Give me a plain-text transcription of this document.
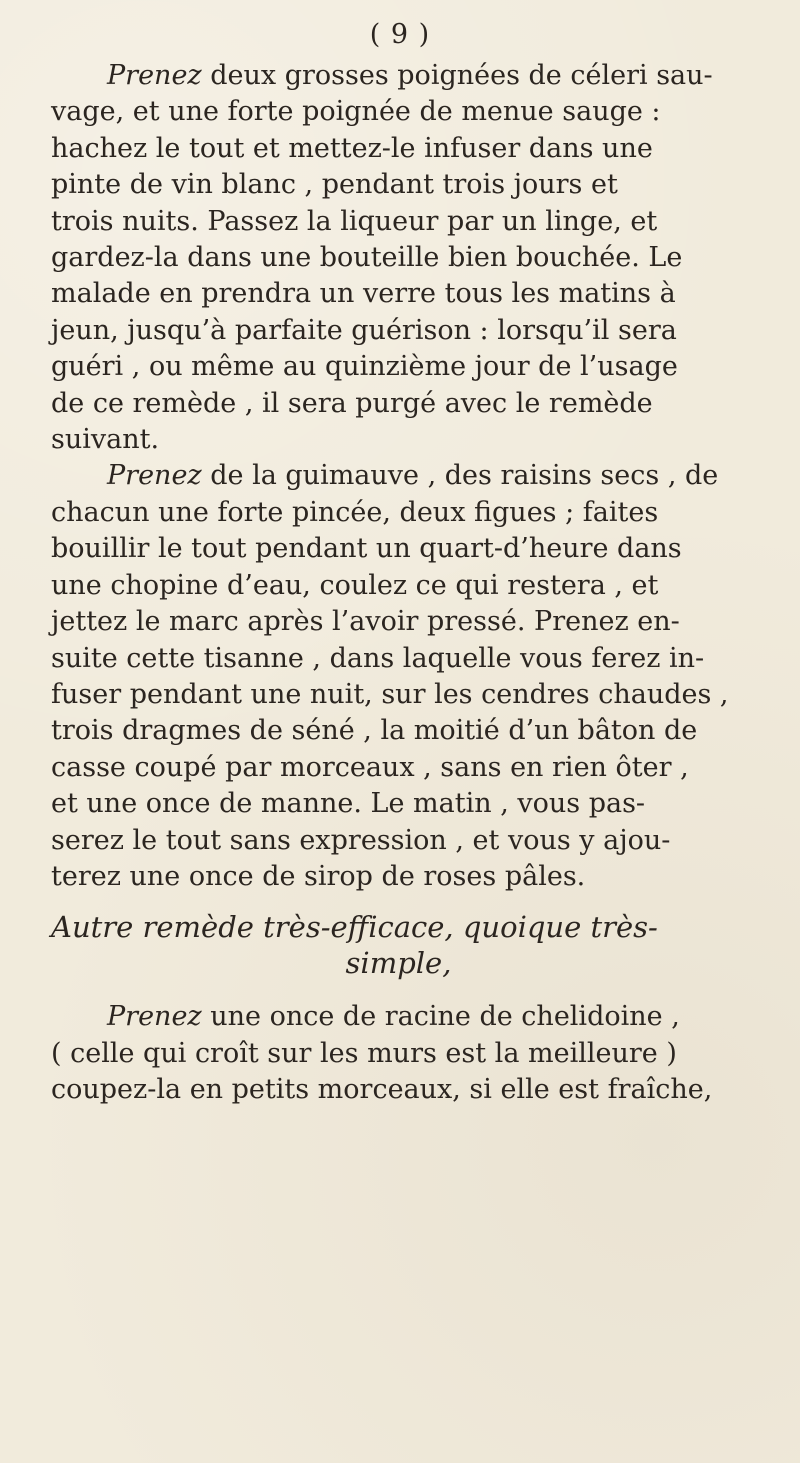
( 9 )

Prenez deux grosses poignées de céleri sau-
vage, et une forte poignée de menue sauge :
hachez le tout et mettez-le infuser dans une
pinte de vin blanc , pendant trois jours et
trois nuits. Passez la liqueur par un linge, et
gardez-la dans une bouteille bien bouchée. Le
malade en prendra un verre tous les matins à
jeun, jusqu’à parfaite guérison : lorsqu’il sera
guéri , ou même au quinzième jour de l’usage
de ce remède , il sera purgé avec le remède
suivant.

Prenez de la guimauve , des raisins secs , de
chacun une forte pincée, deux figues ; faites
bouillir le tout pendant un quart-d’heure dans
une chopine d’eau, coulez ce qui restera , et
jettez le marc après l’avoir pressé. Prenez en-
suite cette tisanne , dans laquelle vous ferez in-
fuser pendant une nuit, sur les cendres chaudes ,
trois dragmes de séné , la moitié d’un bâton de
casse coupé par morceaux , sans en rien ôter ,
et une once de manne. Le matin , vous pas-
serez le tout sans expression , et vous y ajou-
terez une once de sirop de roses pâles.

Autre remède très-efficace, quoique très-
simple,

Prenez une once de racine de chelidoine ,
( celle qui croît sur les murs est la meilleure )
coupez-la en petits morceaux, si elle est fraîche,
